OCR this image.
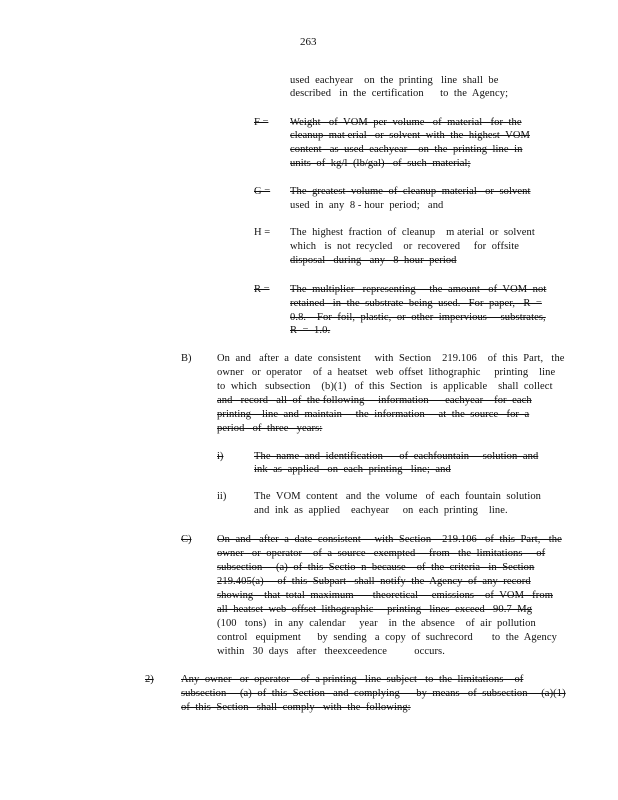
263
used  eachyear    on  the  printing   line  shall  be
described   in  the  certification      to  the  Agency;
F = Weight   of  VOM  per  volume   of  material   for  the
cleanup  mat erial   or  solvent  with  the  highest  VOM
content   as  used  eachyear    on  the  printing  line  in
units  of  kg/l  (lb/gal)   of  such  material;
G = The  greatest  volume  of  cleanup  material   or  solvent
used  in  any  8 - hour  period;   and
H = The  highest  fraction  of  cleanup    m aterial  or  solvent
which   is  not  recycled    or  recovered     for  offsite
disposal   during   any   8  hour  period
R = The  multiplier   representing     the  amount   of  VOM  not
retained   in  the  substrate  being  used.   For  paper,   R  =
0.8.    For  foil,  plastic,  or  other  impervious     substrates,
R  =  1.0.
B) On  and   after  a  date  consistent     with  Section    219.106    of  this  Part,   the
owner   or  operator    of  a  heatset   web  offset  lithographic     printing    line
to  which   subsection    (b)(1)   of  this  Section   is  applicable    shall  collect
and   record   all  of  the following     information      eachyear    for  each
printing    line  and  maintain     the  information     at  the  source   for  a
period   of  three   years:
i)	The  name  and  identification      of  eachfountain     solution  and
ink  as  applied   on  each  printing   line;  and
ii)	The  VOM  content   and  the  volume   of  each  fountain  solution
and  ink  as  applied    eachyear     on  each  printing    line.
C) On  and   after  a  date  consistent     with  Section    219.106   of  this  Part,   the
owner   or  operator    of  a  source   exempted     from   the  limitations     of
subsection     (a)  of  this  Sectio  n  because    of  the  criteria   in  Section
219.405(a)     of  this  Subpart   shall  notify  the  Agency  of  any  record
showing    that  total  maximum       theoretical     emissions    of  VOM   from
all  heatset  web  offset  lithographic     printing   lines  exceed   90.7  Mg
(100   tons)   in  any  calendar     year    in  the  absence    of  air  pollution
control   equipment      by  sending   a  copy  of  suchrecord       to  the  Agency
within   30  days   after   theexceedence          occurs.
2)	Any  owner   or  operator    of  a printing   line  subject   to  the  limitations    of
subsection     (a)  of  this  Section   and  complying      by  means   of  subsection     (a)(1)
of  this  Section   shall  comply   with  the  following:
